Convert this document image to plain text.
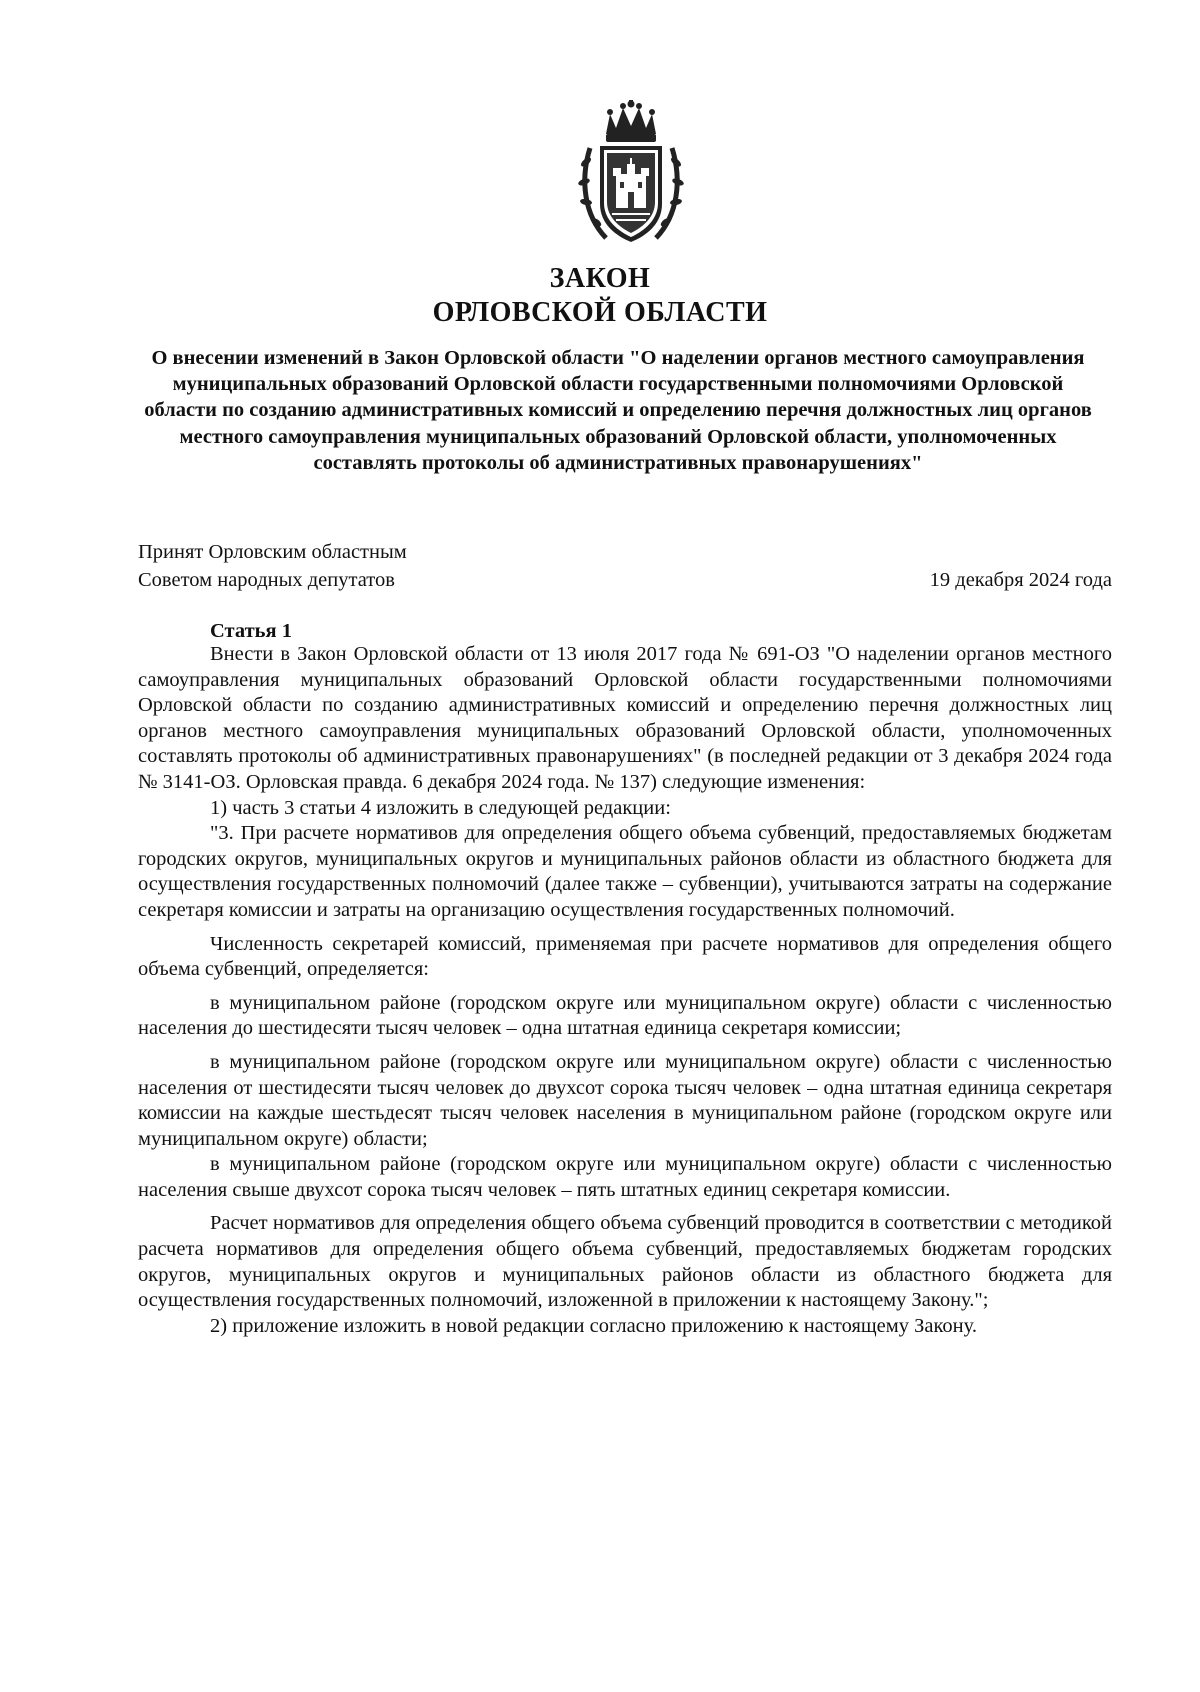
ЗАКОН
ОРЛОВСКОЙ ОБЛАСТИ
О внесении изменений в Закон Орловской области "О наделении органов местного самоуправления муниципальных образований Орловской области государственными полномочиями Орловской области по созданию административных комиссий и определению перечня должностных лиц органов местного самоуправления муниципальных образований Орловской области, уполномоченных составлять протоколы об административных правонарушениях"
Принят Орловским областным
Советом народных депутатов	19 декабря 2024 года
Статья 1

Внести в Закон Орловской области от 13 июля 2017 года № 691-ОЗ "О наделении органов местного самоуправления муниципальных образований Орловской области государственными полномочиями Орловской области по созданию административных комиссий и определению перечня должностных лиц органов местного самоуправления муниципальных образований Орловской области, уполномоченных составлять протоколы об административных правонарушениях" (в последней редакции от 3 декабря 2024 года № 3141-ОЗ. Орловская правда. 6 декабря 2024 года. № 137) следующие изменения:

1) часть 3 статьи 4 изложить в следующей редакции:

"3. При расчете нормативов для определения общего объема субвенций, предоставляемых бюджетам городских округов, муниципальных округов и муниципальных районов области из областного бюджета для осуществления государственных полномочий (далее также – субвенции), учитываются затраты на содержание секретаря комиссии и затраты на организацию осуществления государственных полномочий.

Численность секретарей комиссий, применяемая при расчете нормативов для определения общего объема субвенций, определяется:

в муниципальном районе (городском округе или муниципальном округе) области с численностью населения до шестидесяти тысяч человек – одна штатная единица секретаря комиссии;

в муниципальном районе (городском округе или муниципальном округе) области с численностью населения от шестидесяти тысяч человек до двухсот сорока тысяч человек – одна штатная единица секретаря комиссии на каждые шестьдесят тысяч человек населения в муниципальном районе (городском округе или муниципальном округе) области;

в муниципальном районе (городском округе или муниципальном округе) области с численностью населения свыше двухсот сорока тысяч человек – пять штатных единиц секретаря комиссии.

Расчет нормативов для определения общего объема субвенций проводится в соответствии с методикой расчета нормативов для определения общего объема субвенций, предоставляемых бюджетам городских округов, муниципальных округов и муниципальных районов области из областного бюджета для осуществления государственных полномочий, изложенной в приложении к настоящему Закону.";

2) приложение изложить в новой редакции согласно приложению к настоящему Закону.
